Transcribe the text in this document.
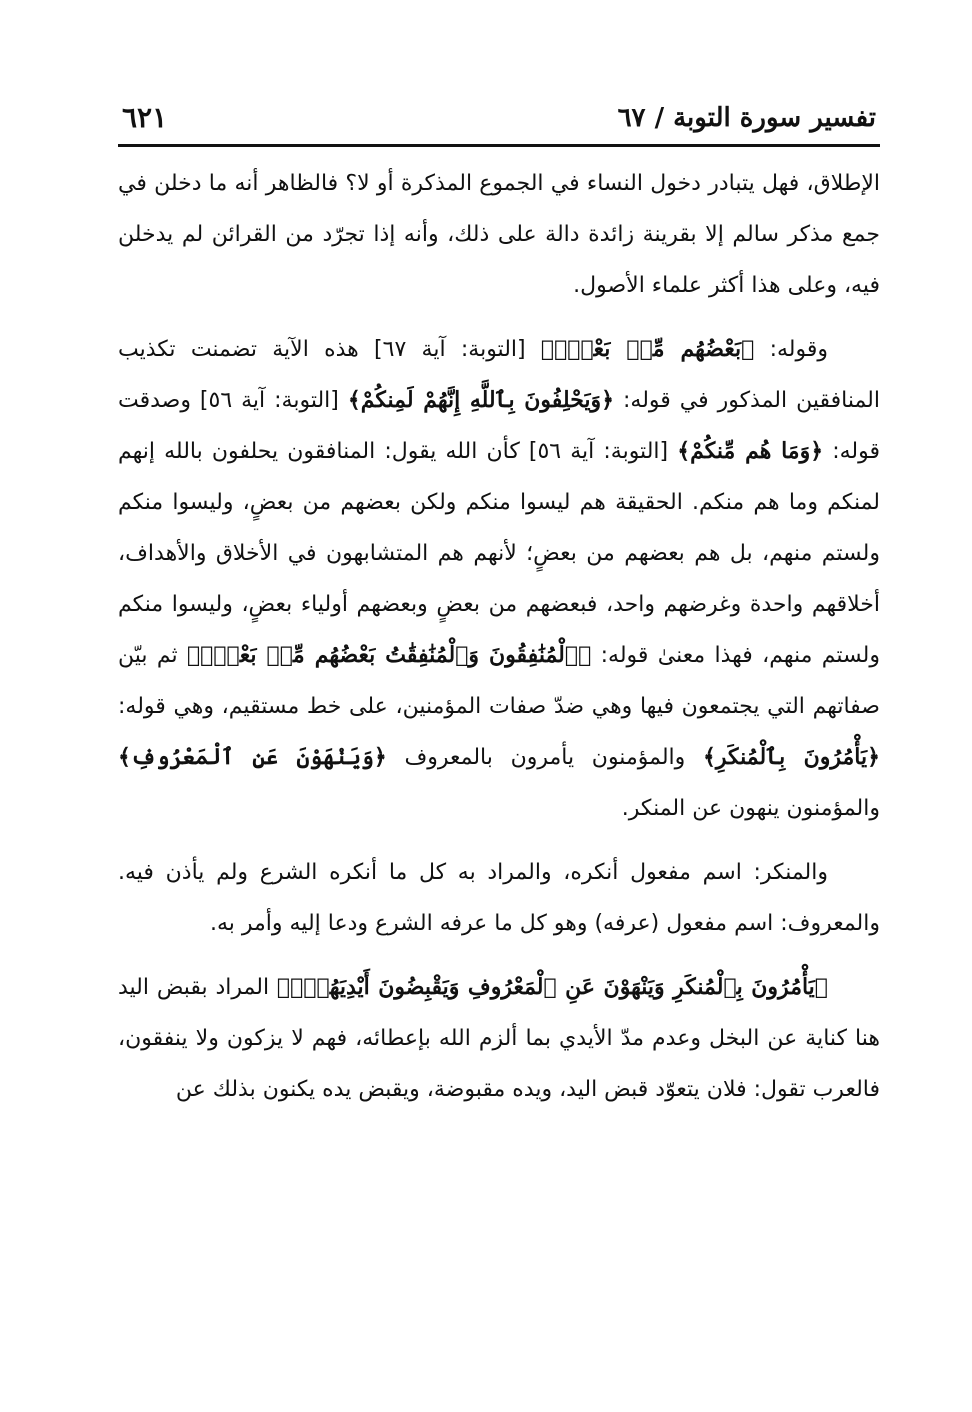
تفسير سورة التوبة / ٦٧
٦٢١

الإطلاق، فهل يتبادر دخول النساء في الجموع المذكرة أو لا؟ فالظاهر أنه ما دخلن في جمع مذكر سالم إلا بقرينة زائدة دالة على ذلك، وأنه إذا تجرّد من القرائن لم يدخلن فيه، وعلى هذا أكثر علماء الأصول.

وقوله: ﴿بَعْضُهُم مِّنۢ بَعْضٍۚ﴾ [التوبة: آية ٦٧] هذه الآية تضمنت تكذيب المنافقين المذكور في قوله: ﴿وَيَحْلِفُونَ بِٱللَّهِ إِنَّهُمْ لَمِنكُمْ﴾ [التوبة: آية ٥٦] وصدقت قوله: ﴿وَمَا هُم مِّنكُمْ﴾ [التوبة: آية ٥٦] كأن الله يقول: المنافقون يحلفون بالله إنهم لمنكم وما هم منكم. الحقيقة هم ليسوا منكم ولكن بعضهم من بعضٍ، وليسوا منكم ولستم منهم، بل هم بعضهم من بعضٍ؛ لأنهم هم المتشابهون في الأخلاق والأهداف، أخلاقهم واحدة وغرضهم واحد، فبعضهم من بعضٍ وبعضهم أولياء بعضٍ، وليسوا منكم ولستم منهم، فهذا معنىٰ قوله: ﴿ٱلْمُنَٰفِقُونَ وَٱلْمُنَٰفِقَٰتُ بَعْضُهُم مِّنۢ بَعْضٍۚ﴾ ثم بيّن صفاتهم التي يجتمعون فيها وهي ضدّ صفات المؤمنين، على خط مستقيم، وهي قوله: ﴿يَأْمُرُونَ بِٱلْمُنكَرِ﴾ والمؤمنون يأمرون بالمعروف ﴿وَيَنْهَوْنَ عَنِ ٱلْمَعْرُوفِ﴾ والمؤمنون ينهون عن المنكر.

والمنكر: اسم مفعول أنكره، والمراد به كل ما أنكره الشرع ولم يأذن فيه. والمعروف: اسم مفعول (عرفه) وهو كل ما عرفه الشرع ودعا إليه وأمر به.

﴿يَأْمُرُونَ بِٱلْمُنكَرِ وَيَنْهَوْنَ عَنِ ٱلْمَعْرُوفِ وَيَقْبِضُونَ أَيْدِيَهُمْۚ﴾ المراد بقبض اليد هنا كناية عن البخل وعدم مدّ الأيدي بما ألزم الله بإعطائه، فهم لا يزكون ولا ينفقون، فالعرب تقول: فلان يتعوّد قبض اليد، ويده مقبوضة، ويقبض يده يكنون بذلك عن
